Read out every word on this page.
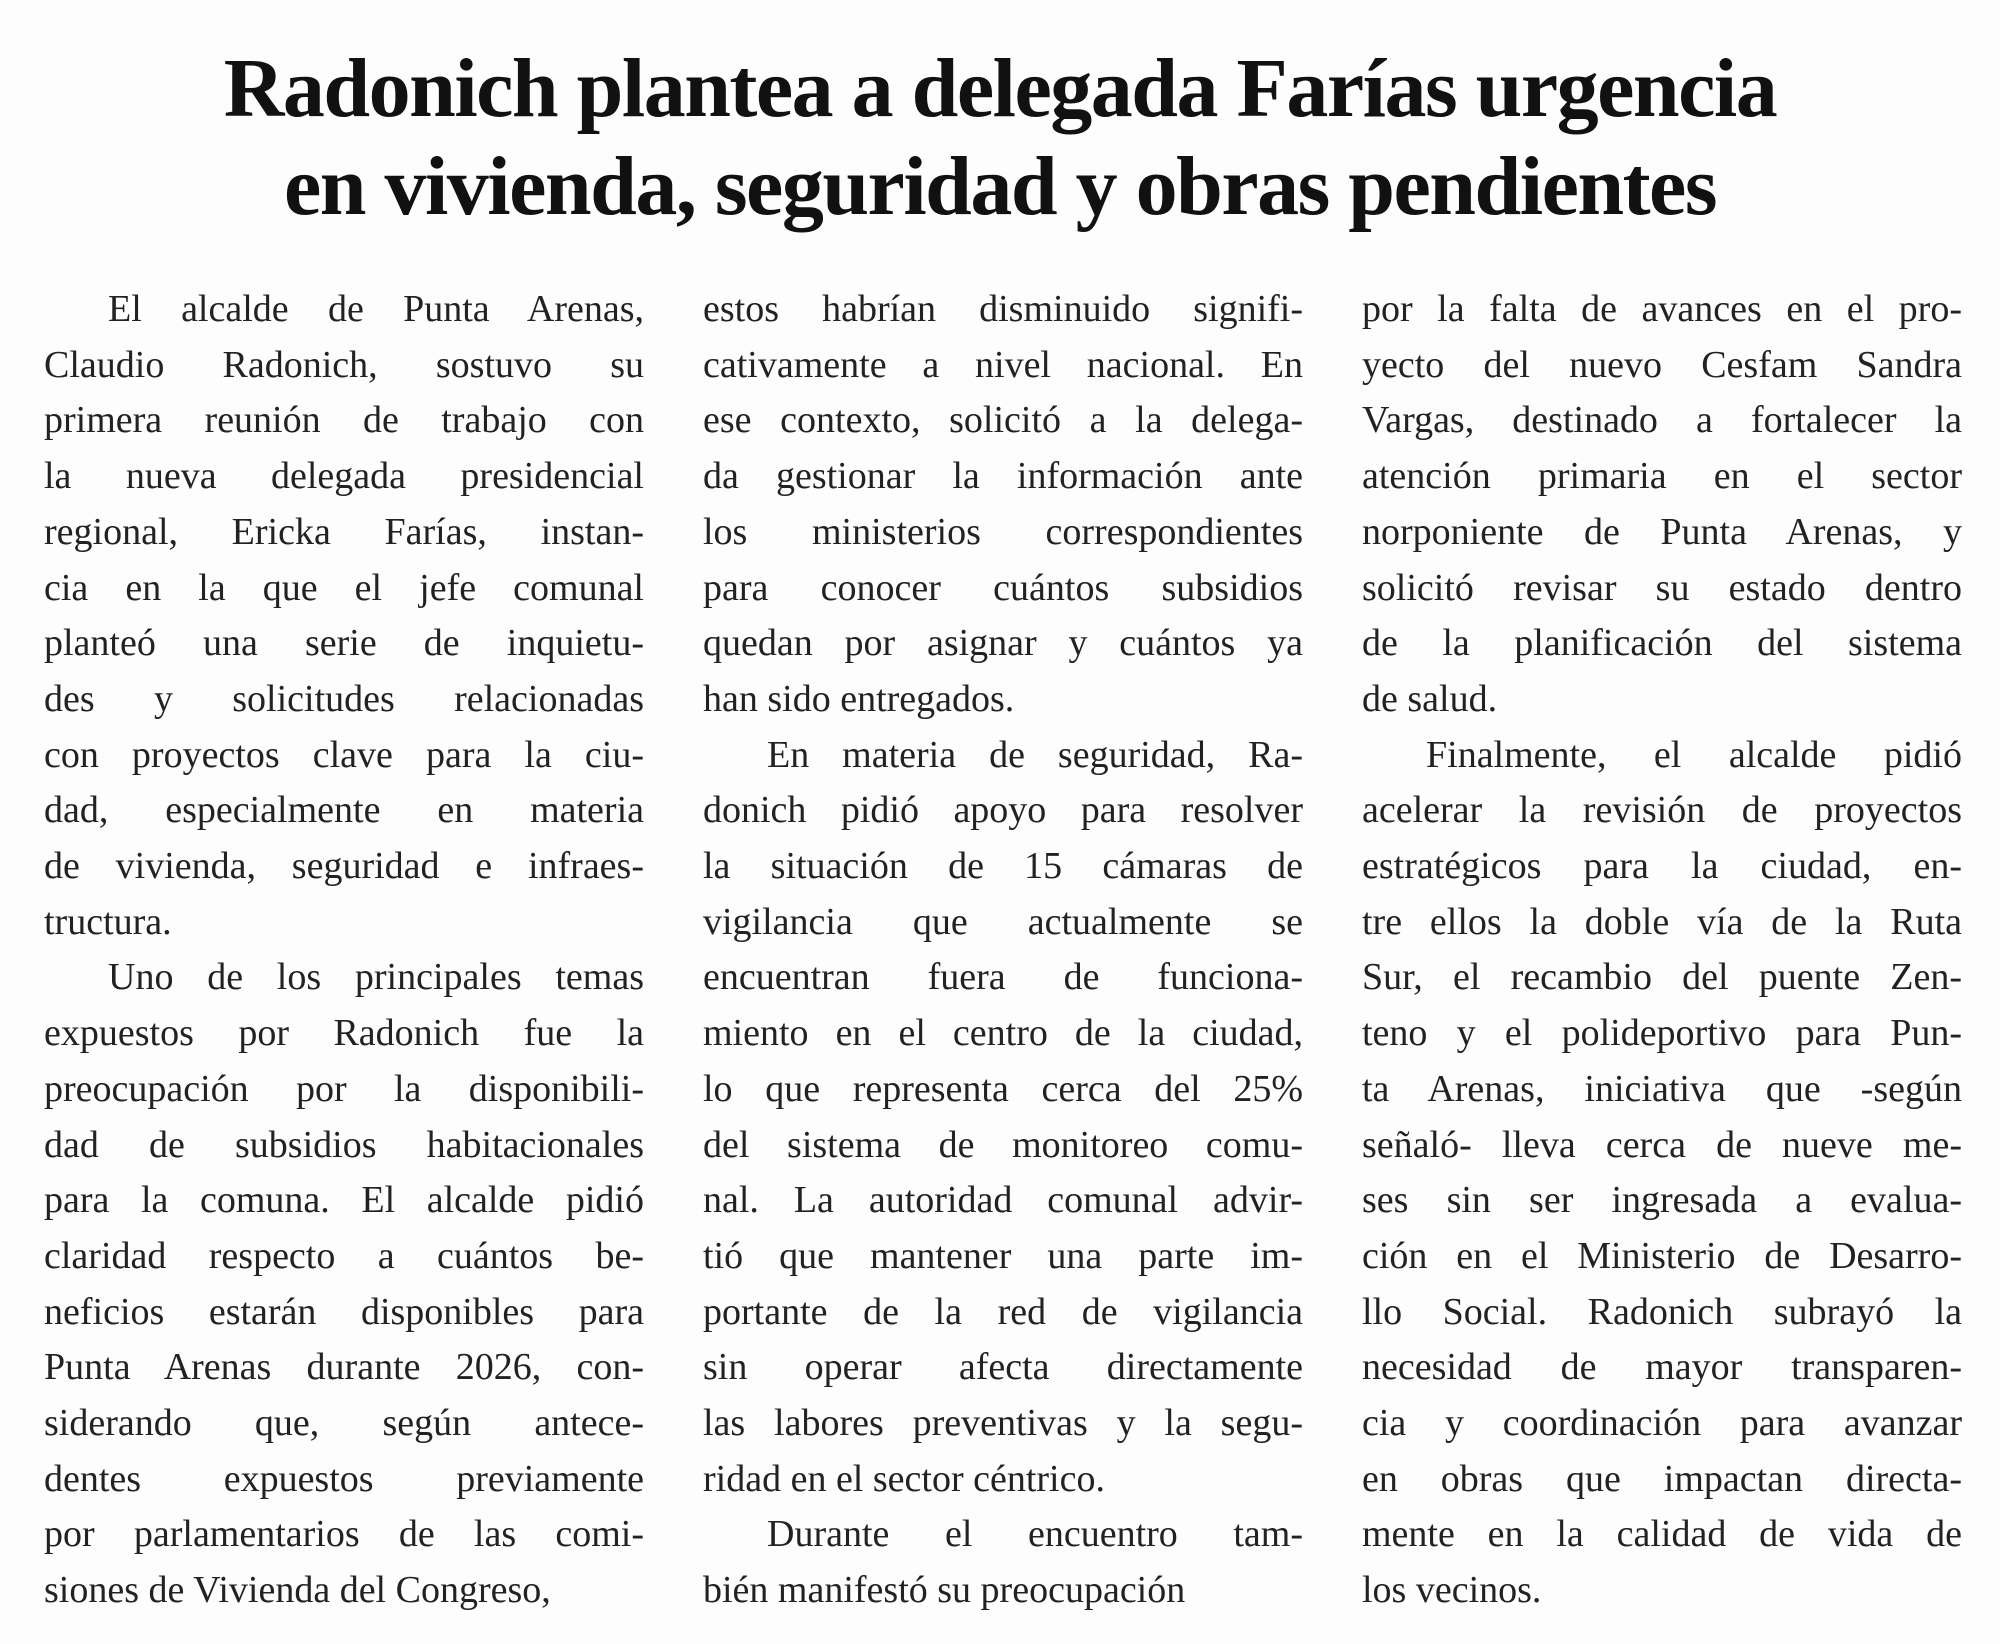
Radonich plantea a delegada Farías urgencia
en vivienda, seguridad y obras pendientes

El alcalde de Punta Arenas,
Claudio Radonich, sostuvo su
primera reunión de trabajo con
la nueva delegada presidencial
regional, Ericka Farías, instan-
cia en la que el jefe comunal
planteó una serie de inquietu-
des y solicitudes relacionadas
con proyectos clave para la ciu-
dad, especialmente en materia
de vivienda, seguridad e infraes-
tructura.

Uno de los principales temas
expuestos por Radonich fue la
preocupación por la disponibili-
dad de subsidios habitacionales
para la comuna. El alcalde pidió
claridad respecto a cuántos be-
neficios estarán disponibles para
Punta Arenas durante 2026, con-
siderando que, según antece-
dentes expuestos previamente
por parlamentarios de las comi-
siones de Vivienda del Congreso,

estos habrían disminuido signifi-
cativamente a nivel nacional. En
ese contexto, solicitó a la delega-
da gestionar la información ante
los ministerios correspondientes
para conocer cuántos subsidios
quedan por asignar y cuántos ya
han sido entregados.

En materia de seguridad, Ra-
donich pidió apoyo para resolver
la situación de 15 cámaras de
vigilancia que actualmente se
encuentran fuera de funciona-
miento en el centro de la ciudad,
lo que representa cerca del 25%
del sistema de monitoreo comu-
nal. La autoridad comunal advir-
tió que mantener una parte im-
portante de la red de vigilancia
sin operar afecta directamente
las labores preventivas y la segu-
ridad en el sector céntrico.

Durante el encuentro tam-
bién manifestó su preocupación

por la falta de avances en el pro-
yecto del nuevo Cesfam Sandra
Vargas, destinado a fortalecer la
atención primaria en el sector
norponiente de Punta Arenas, y
solicitó revisar su estado dentro
de la planificación del sistema
de salud.

Finalmente, el alcalde pidió
acelerar la revisión de proyectos
estratégicos para la ciudad, en-
tre ellos la doble vía de la Ruta
Sur, el recambio del puente Zen-
teno y el polideportivo para Pun-
ta Arenas, iniciativa que -según
señaló- lleva cerca de nueve me-
ses sin ser ingresada a evalua-
ción en el Ministerio de Desarro-
llo Social. Radonich subrayó la
necesidad de mayor transparen-
cia y coordinación para avanzar
en obras que impactan directa-
mente en la calidad de vida de
los vecinos.
